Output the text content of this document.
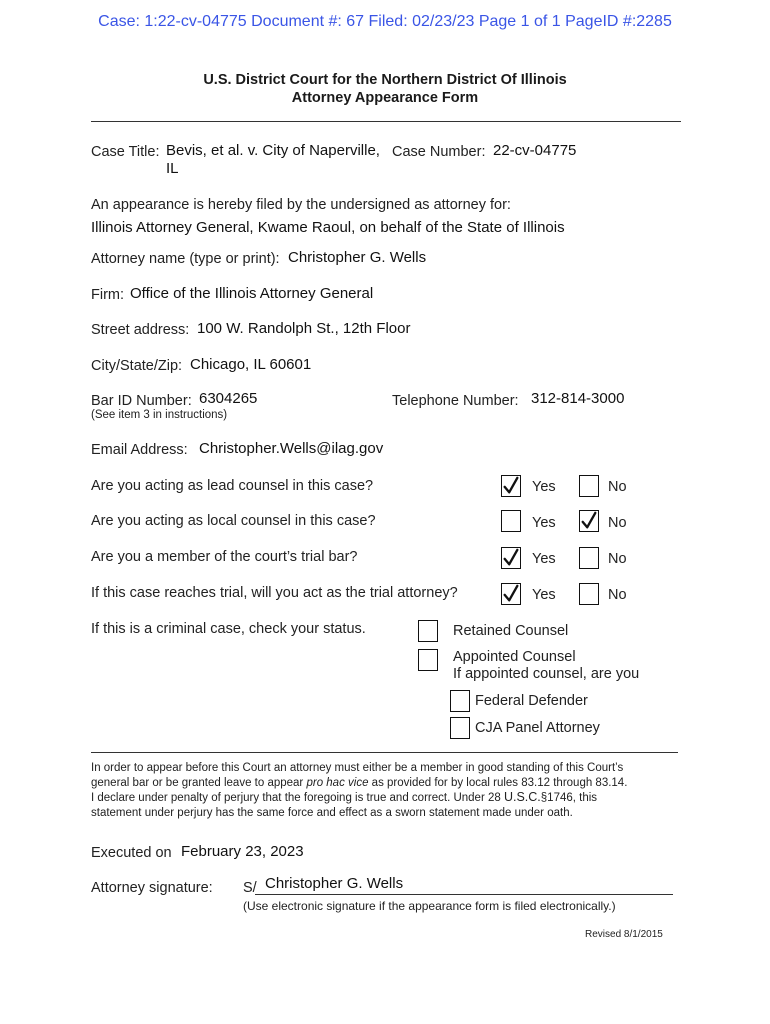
Case: 1:22-cv-04775 Document #: 67 Filed: 02/23/23 Page 1 of 1 PageID #:2285
U.S. District Court for the Northern District Of Illinois
Attorney Appearance Form
Case Title: Bevis, et al. v. City of Naperville,
IL
Case Number: 22-cv-04775
An appearance is hereby filed by the undersigned as attorney for:
Illinois Attorney General, Kwame Raoul, on behalf of the State of Illinois
Attorney name (type or print): Christopher G. Wells
Firm: Office of the Illinois Attorney General
Street address: 100 W. Randolph St., 12th Floor
City/State/Zip: Chicago, IL 60601
Bar ID Number: 6304265
(See item 3 in instructions)
Telephone Number: 312-814-3000
Email Address: Christopher.Wells@ilag.gov
Are you acting as lead counsel in this case?	Yes	No
Are you acting as local counsel in this case?	Yes	No
Are you a member of the court’s trial bar?	Yes	No
If this case reaches trial, will you act as the trial attorney?	Yes	No
If this is a criminal case, check your status.	Retained Counsel
Appointed Counsel
If appointed counsel, are you
Federal Defender
CJA Panel Attorney
In order to appear before this Court an attorney must either be a member in good standing of this Court’s
general bar or be granted leave to appear pro hac vice as provided for by local rules 83.12 through 83.14.
I declare under penalty of perjury that the foregoing is true and correct. Under 28 U.S.C.§1746, this
statement under perjury has the same force and effect as a sworn statement made under oath.
Executed on February 23, 2023
Attorney signature: S/ Christopher G. Wells
(Use electronic signature if the appearance form is filed electronically.)
Revised 8/1/2015
